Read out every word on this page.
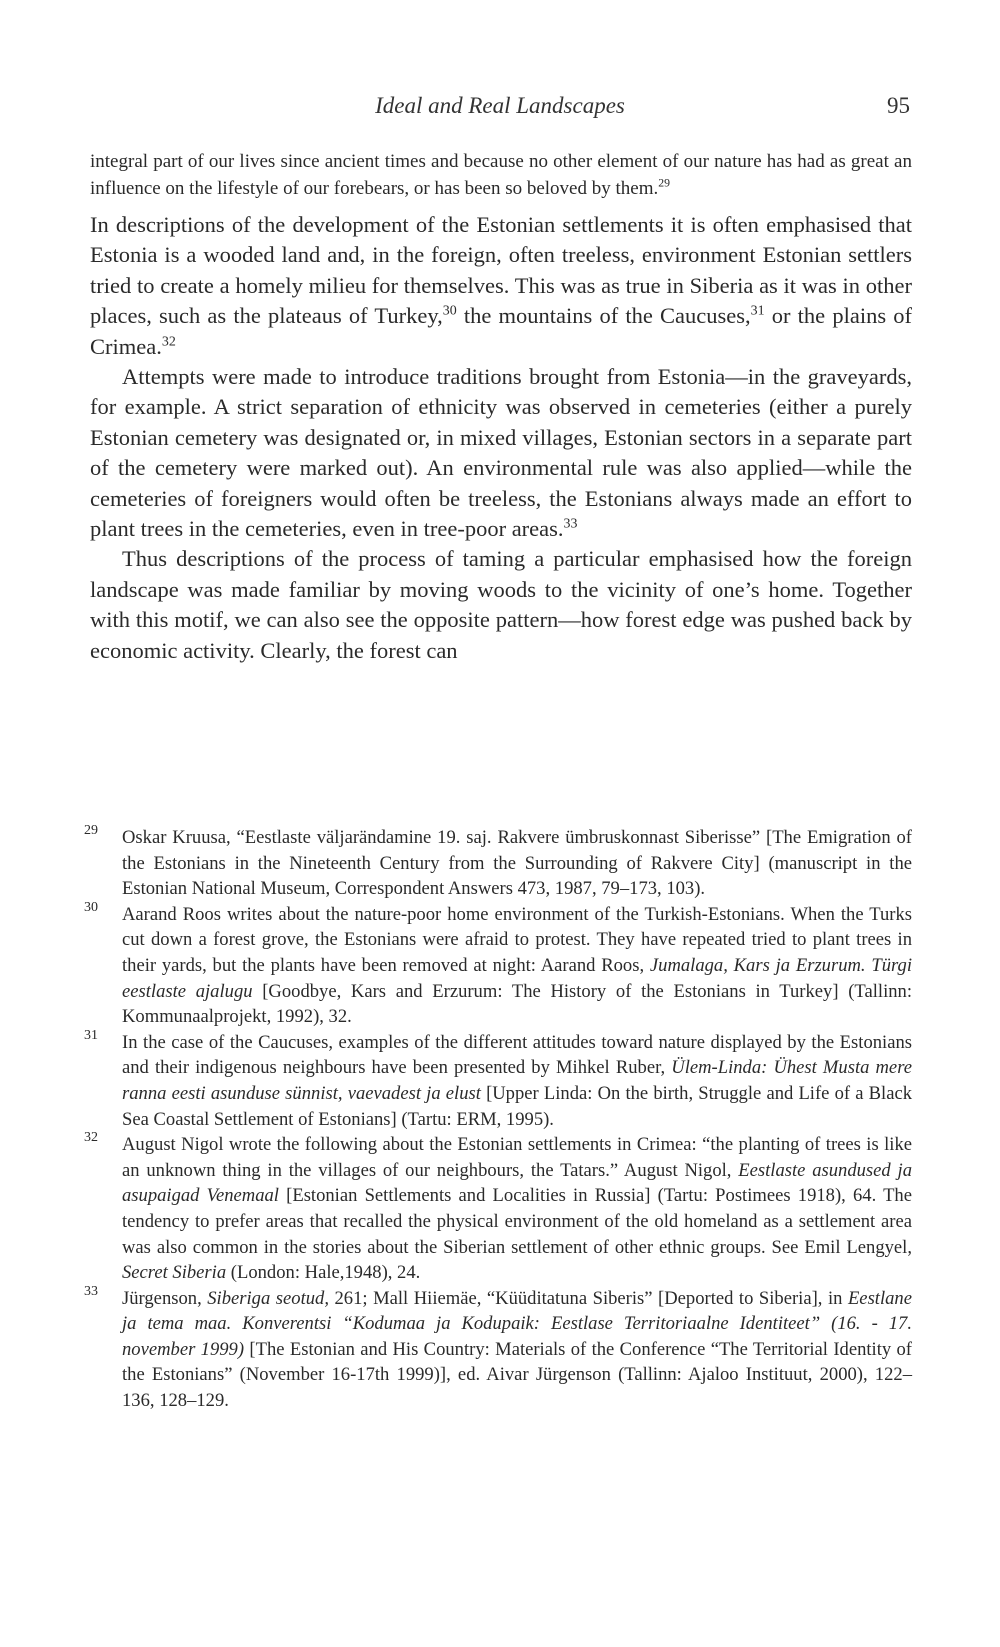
Ideal and Real Landscapes	95

integral part of our lives since ancient times and because no other element of our nature has had as great an influence on the lifestyle of our forebears, or has been so beloved by them.$^{29}$

In descriptions of the development of the Estonian settlements it is often emphasised that Estonia is a wooded land and, in the foreign, often treeless, environment Estonian settlers tried to create a homely milieu for themselves. This was as true in Siberia as it was in other places, such as the plateaus of Turkey,$^{30}$ the mountains of the Caucuses,$^{31}$ or the plains of Crimea.$^{32}$

Attempts were made to introduce traditions brought from Estonia—in the graveyards, for example. A strict separation of ethnicity was observed in cemeteries (either a purely Estonian cemetery was designated or, in mixed villages, Estonian sectors in a separate part of the cemetery were marked out). An environmental rule was also applied—while the cemeteries of foreigners would often be treeless, the Estonians always made an effort to plant trees in the cemeteries, even in tree-poor areas.$^{33}$

Thus descriptions of the process of taming a particular emphasised how the foreign landscape was made familiar by moving woods to the vicinity of one’s home. Together with this motif, we can also see the opposite pattern—how forest edge was pushed back by economic activity. Clearly, the forest can

29 Oskar Kruusa, “Eestlaste väljarändamine 19. saj. Rakvere ümbruskonnast Siberisse” [The Emigration of the Estonians in the Nineteenth Century from the Surrounding of Rakvere City] (manuscript in the Estonian National Museum, Correspondent Answers 473, 1987, 79–173, 103).
30 Aarand Roos writes about the nature-poor home environment of the Turkish-Estonians. When the Turks cut down a forest grove, the Estonians were afraid to protest. They have repeated tried to plant trees in their yards, but the plants have been removed at night: Aarand Roos, Jumalaga, Kars ja Erzurum. Türgi eestlaste ajalugu [Goodbye, Kars and Erzurum: The History of the Estonians in Turkey] (Tallinn: Kommunaalprojekt, 1992), 32.
31 In the case of the Caucuses, examples of the different attitudes toward nature displayed by the Estonians and their indigenous neighbours have been presented by Mihkel Ruber, Ülem-Linda: Ühest Musta mere ranna eesti asunduse sünnist, vaevadest ja elust [Upper Linda: On the birth, Struggle and Life of a Black Sea Coastal Settlement of Estonians] (Tartu: ERM, 1995).
32 August Nigol wrote the following about the Estonian settlements in Crimea: “the planting of trees is like an unknown thing in the villages of our neighbours, the Tatars.” August Nigol, Eestlaste asundused ja asupaigad Venemaal [Estonian Settlements and Localities in Russia] (Tartu: Postimees 1918), 64. The tendency to prefer areas that recalled the physical environment of the old homeland as a settlement area was also common in the stories about the Siberian settlement of other ethnic groups. See Emil Lengyel, Secret Siberia (London: Hale,1948), 24.
33 Jürgenson, Siberiga seotud, 261; Mall Hiiemäe, “Küüditatuna Siberis” [Deported to Siberia], in Eestlane ja tema maa. Konverentsi “Kodumaa ja Kodupaik: Eestlase Territoriaalne Identiteet” (16. - 17. november 1999) [The Estonian and His Country: Materials of the Conference “The Territorial Identity of the Estonians” (November 16-17th 1999)], ed. Aivar Jürgenson (Tallinn: Ajaloo Instituut, 2000), 122–136, 128–129.
